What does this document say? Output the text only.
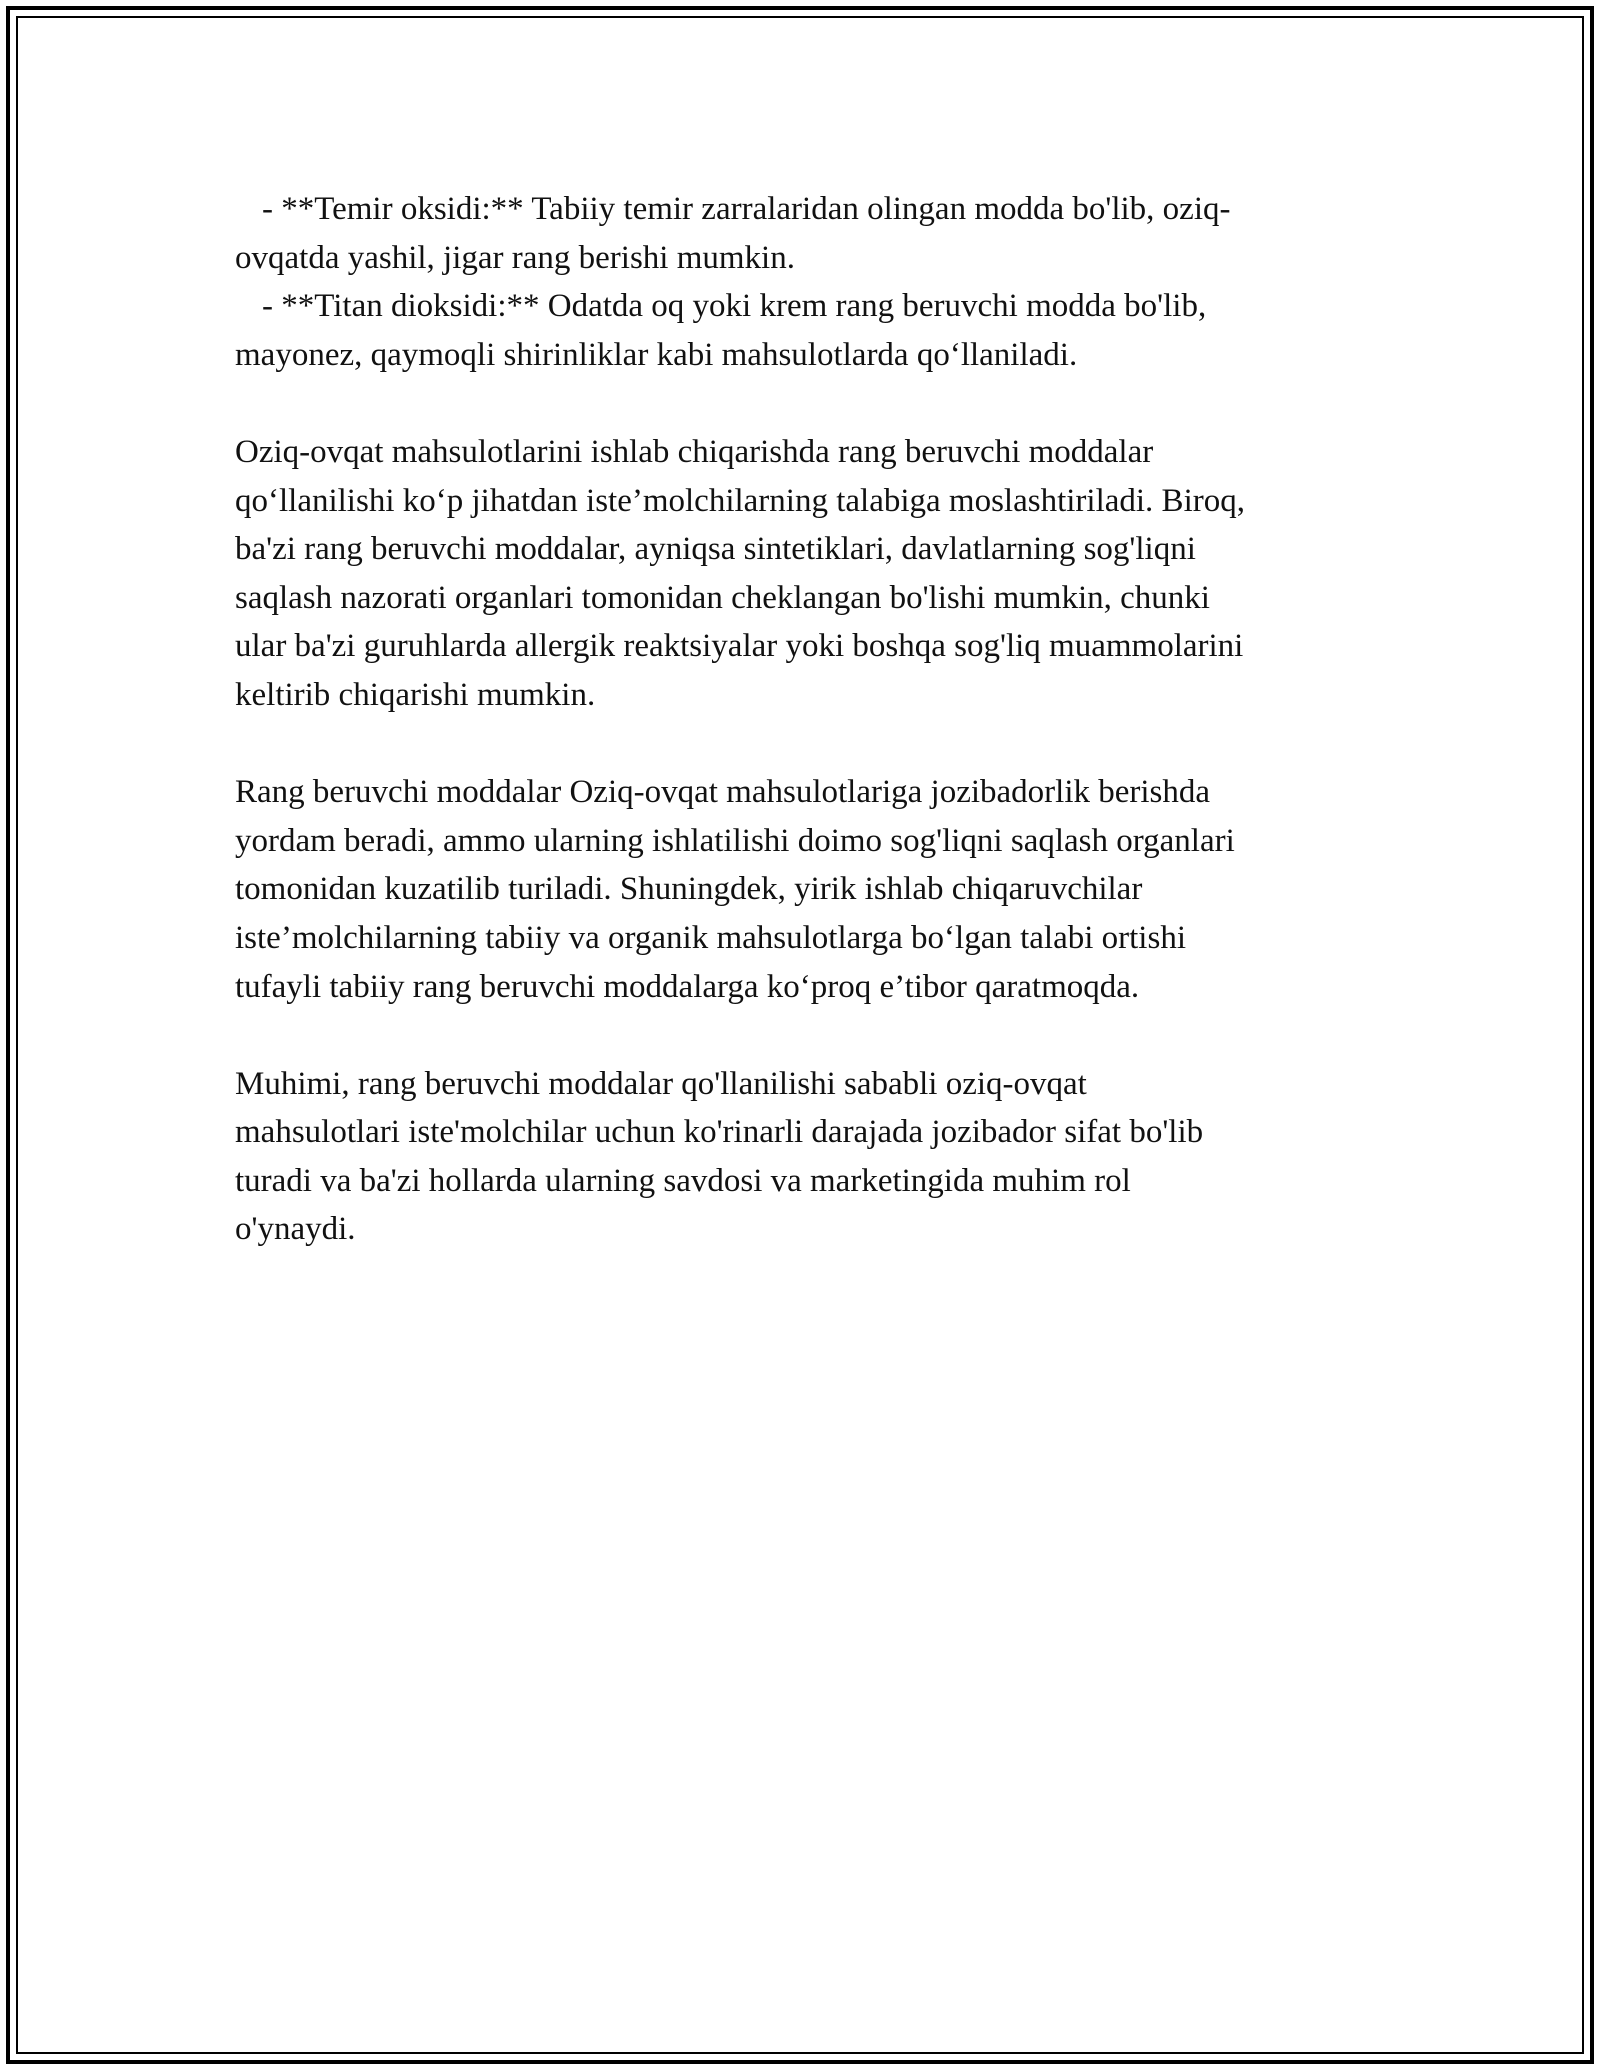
- **Temir oksidi:** Tabiiy temir zarralaridan olingan modda bo'lib, oziq-
ovqatda yashil, jigar rang berishi mumkin.
- **Titan dioksidi:** Odatda oq yoki krem rang beruvchi modda bo'lib,
mayonez, qaymoqli shirinliklar kabi mahsulotlarda qo‘llaniladi.
Oziq-ovqat mahsulotlarini ishlab chiqarishda rang beruvchi moddalar
qo‘llanilishi ko‘p jihatdan iste’molchilarning talabiga moslashtiriladi. Biroq,
ba'zi rang beruvchi moddalar, ayniqsa sintetiklari, davlatlarning sog'liqni
saqlash nazorati organlari tomonidan cheklangan bo'lishi mumkin, chunki
ular ba'zi guruhlarda allergik reaktsiyalar yoki boshqa sog'liq muammolarini
keltirib chiqarishi mumkin.
Rang beruvchi moddalar Oziq-ovqat mahsulotlariga jozibadorlik berishda
yordam beradi, ammo ularning ishlatilishi doimo sog'liqni saqlash organlari
tomonidan kuzatilib turiladi. Shuningdek, yirik ishlab chiqaruvchilar
iste’molchilarning tabiiy va organik mahsulotlarga bo‘lgan talabi ortishi
tufayli tabiiy rang beruvchi moddalarga ko‘proq e’tibor qaratmoqda.
Muhimi, rang beruvchi moddalar qo'llanilishi sababli oziq-ovqat
mahsulotlari iste'molchilar uchun ko'rinarli darajada jozibador sifat bo'lib
turadi va ba'zi hollarda ularning savdosi va marketingida muhim rol
o'ynaydi.
